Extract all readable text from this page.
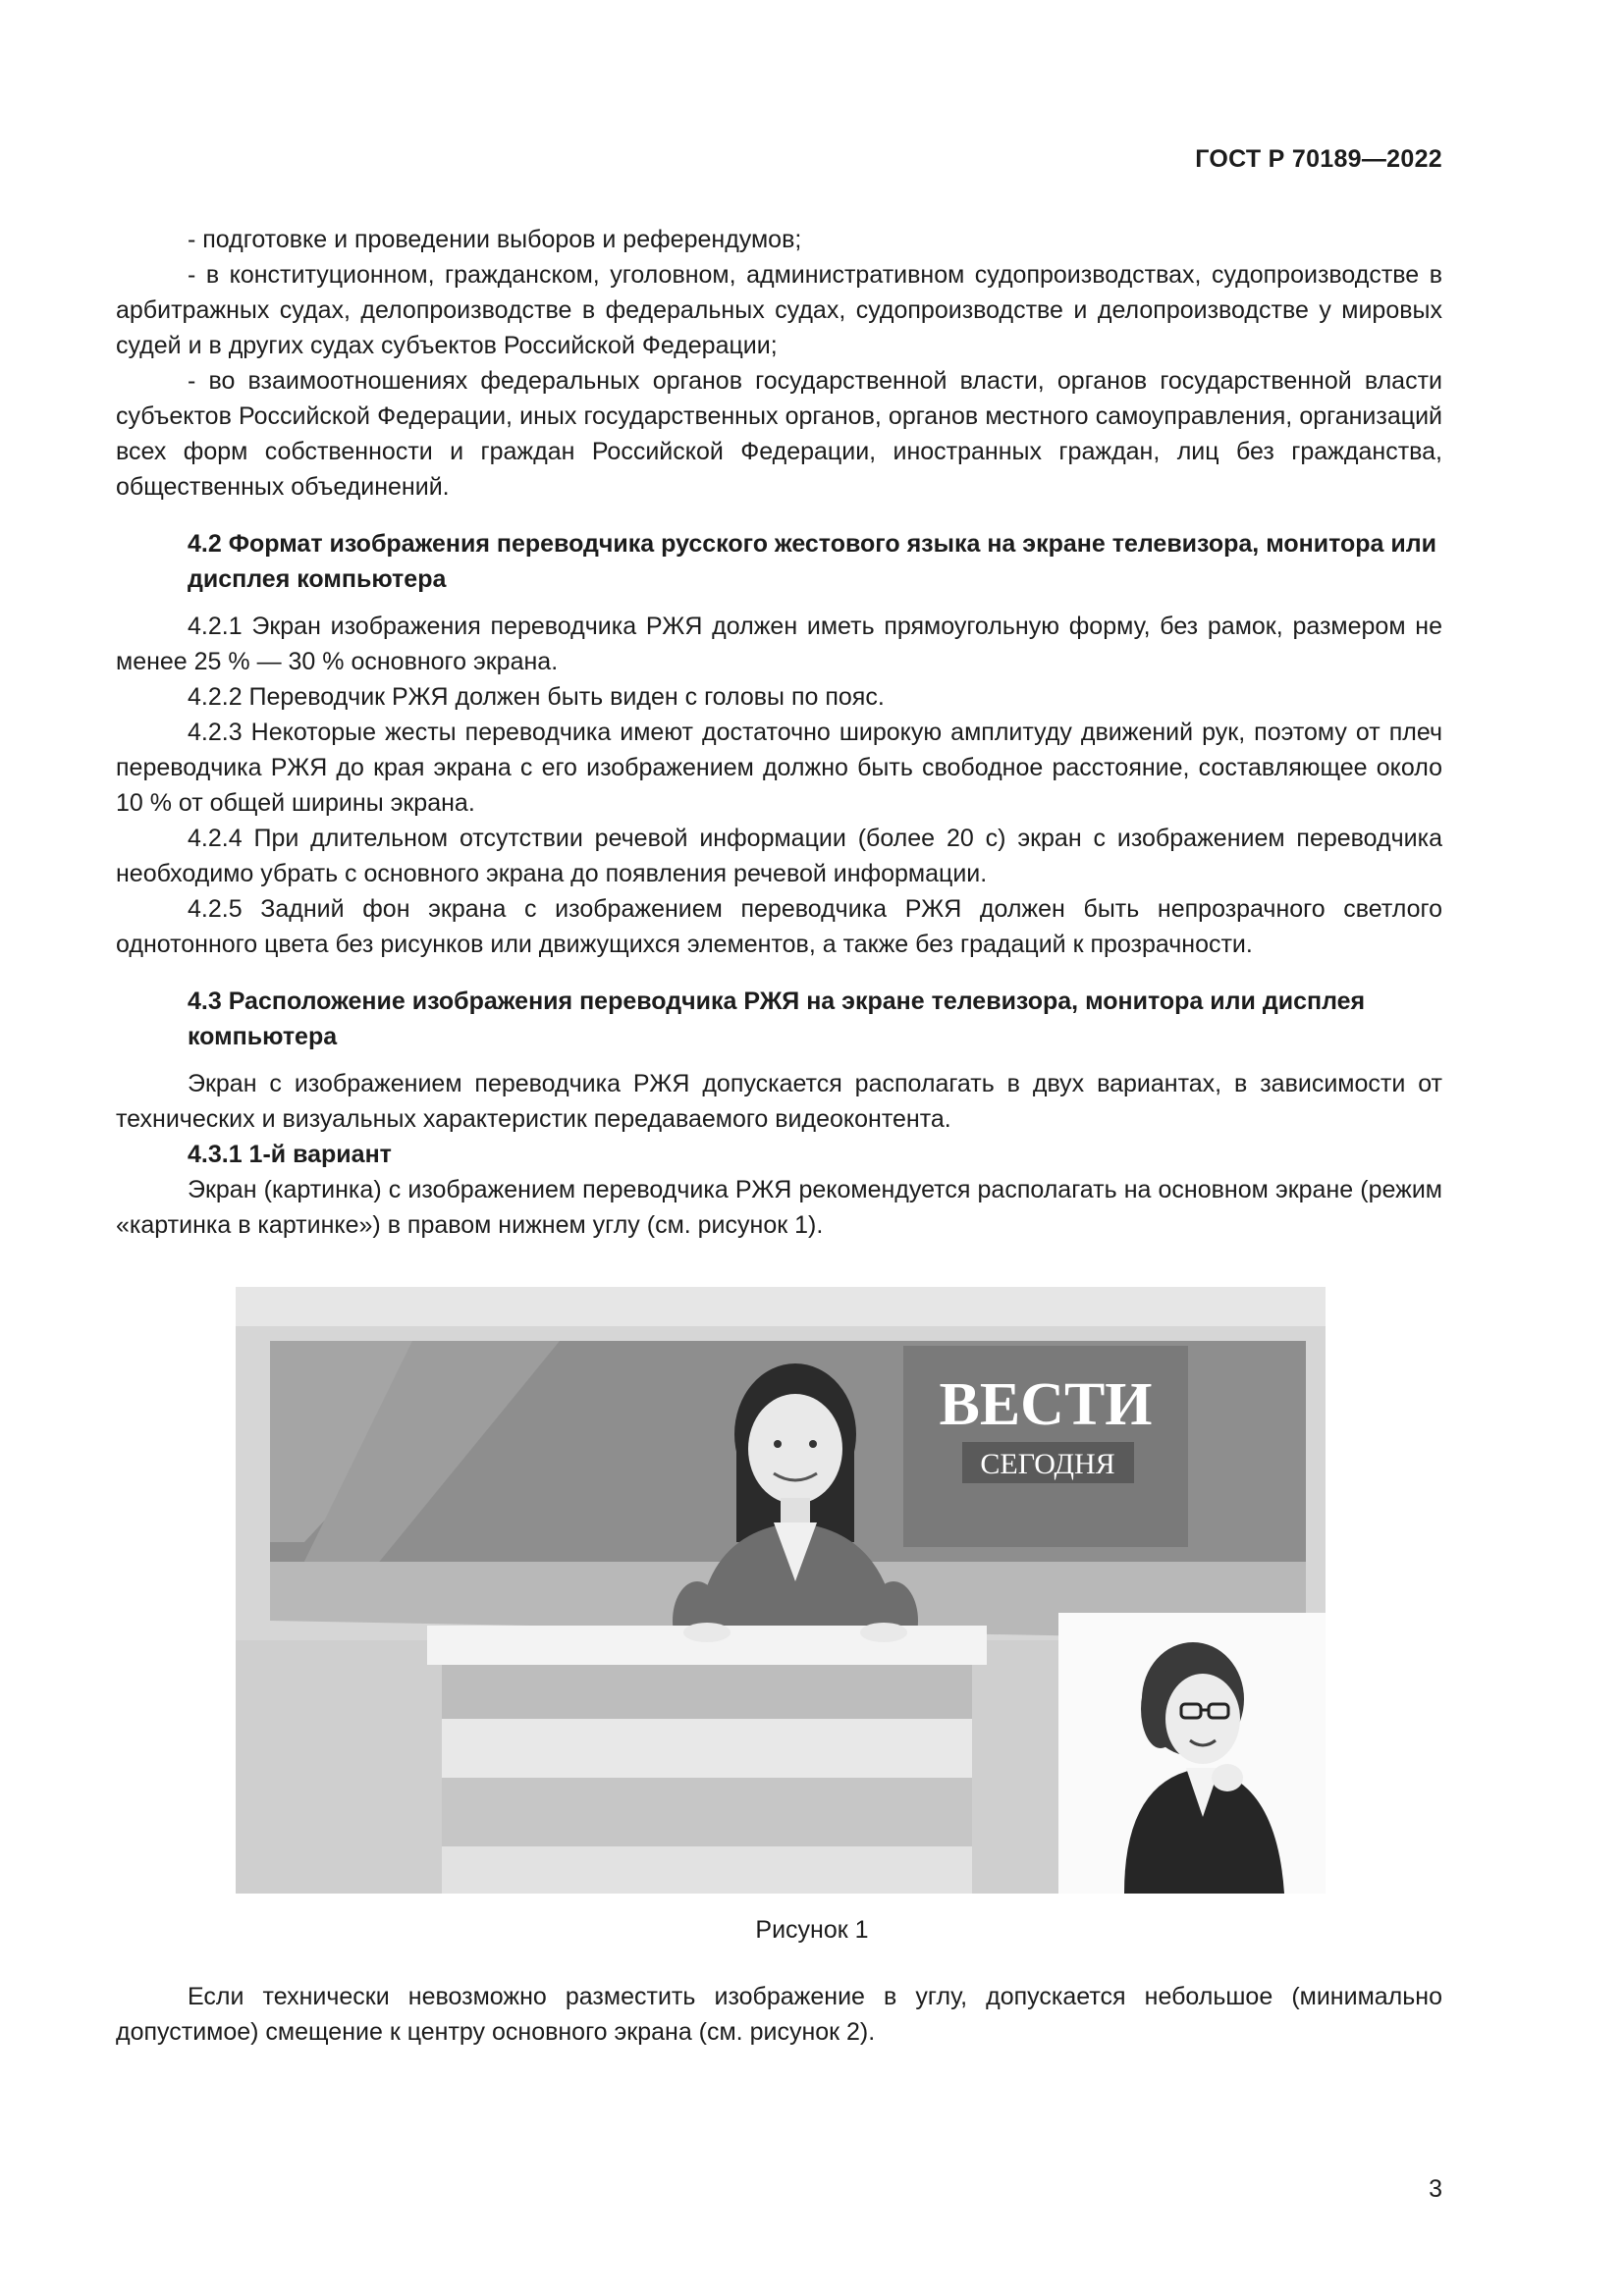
ГОСТ Р 70189—2022

- подготовке и проведении выборов и референдумов;

- в конституционном, гражданском, уголовном, административном судопроизводствах, судопроизводстве в арбитражных судах, делопроизводстве в федеральных судах, судопроизводстве и делопроизводстве у мировых судей и в других судах субъектов Российской Федерации;

- во взаимоотношениях федеральных органов государственной власти, органов государственной власти субъектов Российской Федерации, иных государственных органов, органов местного самоуправления, организаций всех форм собственности и граждан Российской Федерации, иностранных граждан, лиц без гражданства, общественных объединений.

4.2 Формат изображения переводчика русского жестового языка на экране телевизора, монитора или дисплея компьютера

4.2.1 Экран изображения переводчика РЖЯ должен иметь прямоугольную форму, без рамок, размером не менее 25 % — 30 % основного экрана.

4.2.2 Переводчик РЖЯ должен быть виден с головы по пояс.

4.2.3 Некоторые жесты переводчика имеют достаточно широкую амплитуду движений рук, поэтому от плеч переводчика РЖЯ до края экрана с его изображением должно быть свободное расстояние, составляющее около 10 % от общей ширины экрана.

4.2.4 При длительном отсутствии речевой информации (более 20 с) экран с изображением переводчика необходимо убрать с основного экрана до появления речевой информации.

4.2.5 Задний фон экрана с изображением переводчика РЖЯ должен быть непрозрачного светлого однотонного цвета без рисунков или движущихся элементов, а также без градаций к прозрачности.

4.3 Расположение изображения переводчика РЖЯ на экране телевизора, монитора или дисплея компьютера

Экран с изображением переводчика РЖЯ допускается располагать в двух вариантах, в зависимости от технических и визуальных характеристик передаваемого видеоконтента.

4.3.1 1-й вариант

Экран (картинка) с изображением переводчика РЖЯ рекомендуется располагать на основном экране (режим «картинка в картинке») в правом нижнем углу (см. рисунок 1).

ВЕСТИ
СЕГОДНЯ
Рисунок 1

Если технически невозможно разместить изображение в углу, допускается небольшое (минимально допустимое) смещение к центру основного экрана (см. рисунок 2).

3
